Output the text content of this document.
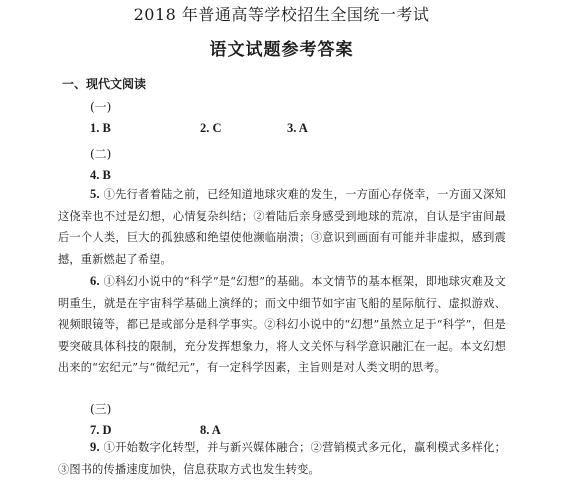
2018 年普通高等学校招生全国统一考试
语文试题参考答案
一、现代文阅读
(一)
1. B	2. C	3. A
(二)
4. B
5. ①先行者着陆之前，已经知道地球灾难的发生，一方面心存侥幸，一方面又深知这侥幸也不过是幻想，心情复杂纠结；②着陆后亲身感受到地球的荒凉，自认是宇宙间最后一个人类，巨大的孤独感和绝望使他濒临崩溃；③意识到画面有可能并非虚拟，感到震撼，重新燃起了希望。
6. ①科幻小说中的“科学”是“幻想”的基础。本文情节的基本框架，即地球灾难及文明重生，就是在宇宙科学基础上演绎的；而文中细节如宇宙飞船的星际航行、虚拟游戏、视频眼镜等，都已是或部分是科学事实。②科幻小说中的“幻想”虽然立足于“科学”，但是要突破具体科技的限制，充分发挥想象力，将人文关怀与科学意识融汇在一起。本文幻想出来的“宏纪元”与“微纪元”，有一定科学因素，主旨则是对人类文明的思考。
(三)
7. D	8. A
9. ①开始数字化转型，并与新兴媒体融合；②营销模式多元化，赢利模式多样化；③图书的传播速度加快，信息获取方式也发生转变。
